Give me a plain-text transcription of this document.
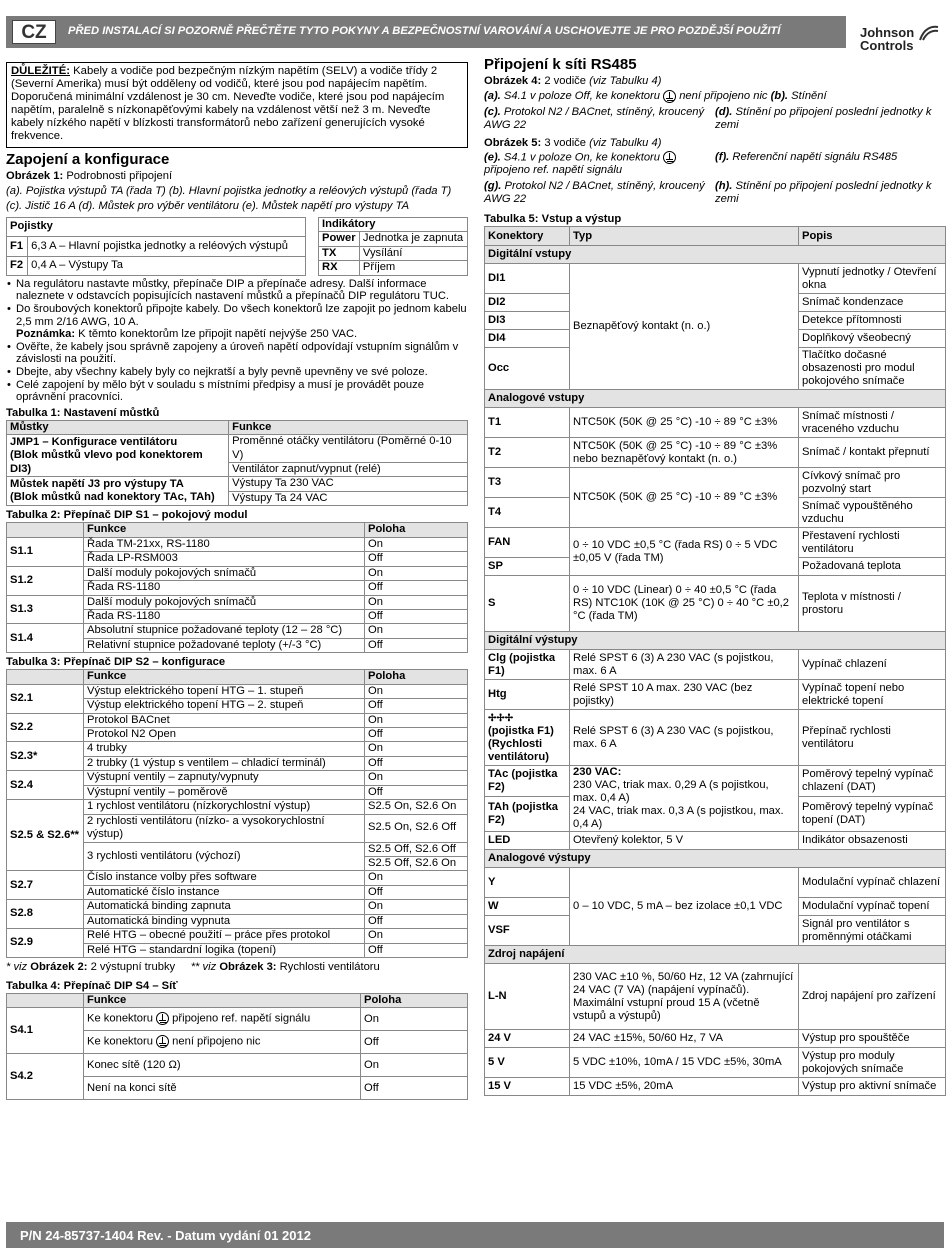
CZ	PŘED INSTALACÍ SI POZORNĚ PŘEČTĚTE TYTO POKYNY A BEZPEČNOSTNÍ VAROVÁNÍ A USCHOVEJTE JE PRO POZDĚJŠÍ POUŽITÍ	Johnson
Controls
DŮLEŽITÉ: Kabely a vodiče pod bezpečným nízkým napětím (SELV) a vodiče třídy 2 (Severní Amerika) musí být odděleny od vodičů, které jsou pod napájecím napětím. Doporučená minimální vzdálenost je 30 cm. Neveďte vodiče, které jsou pod napájecím napětím, paralelně s nízkonapěťovými kabely na vzdálenost větší než 3 m. Neveďte kabely nízkého napětí v blízkosti transformátorů nebo zařízení generujících vysoké frekvence.
Zapojení a konfigurace
Obrázek 1: Podrobnosti připojení
(a). Pojistka výstupů TA (řada T) (b). Hlavní pojistka jednotky a reléových výstupů (řada T)
(c). Jistič 16 A (d). Můstek pro výběr ventilátoru (e). Můstek napětí pro výstupy TA
Pojistky	
F1	6,3 A – Hlavní pojistka jednotky a reléových výstupů
F2	0,4 A – Výstupy Ta
Indikátory	
Power	Jednotka je zapnuta
TX	Vysílání
RX	Příjem
• Na regulátoru nastavte můstky, přepínače DIP a přepínače adresy. Další informace naleznete v odstavcích popisujících nastavení můstků a přepínačů DIP regulátoru TUC.
• Do šroubových konektorů připojte kabely. Do všech konektorů lze zapojit po jednom kabelu 2,5 mm 2/16 AWG, 10 A.
Poznámka: K těmto konektorům lze připojit napětí nejvýše 250 VAC.
• Ověřte, že kabely jsou správně zapojeny a úroveň napětí odpovídají vstupním signálům v závislosti na použití.
• Dbejte, aby všechny kabely byly co nejkratší a byly pevně upevněny ve své poloze.
• Celé zapojení by mělo být v souladu s místními předpisy a musí je provádět pouze oprávnění pracovníci.
Tabulka 1: Nastavení můstků
Můstky	Funkce
JMP1 – Konfigurace ventilátoru
(Blok můstků vlevo pod konektorem DI3)	Proměnné otáčky ventilátoru (Poměrné 0-10 V)
	Ventilátor zapnut/vypnut (relé)
Můstek napětí J3 pro výstupy TA
(Blok můstků nad konektory TAc, TAh)	Výstupy Ta 230 VAC
	Výstupy Ta 24 VAC
Tabulka 2: Přepínač DIP S1 – pokojový modul
	Funkce	Poloha
S1.1	Řada TM-21xx, RS-1180	On
	Řada LP-RSM003	Off
S1.2	Další moduly pokojových snímačů	On
	Řada RS-1180	Off
S1.3	Další moduly pokojových snímačů	On
	Řada RS-1180	Off
S1.4	Absolutní stupnice požadované teploty (12 – 28 °C)	On
	Relativní stupnice požadované teploty (+/-3 °C)	Off
Tabulka 3: Přepínač DIP S2 – konfigurace
	Funkce	Poloha
S2.1	Výstup elektrického topení HTG – 1. stupeň	On
	Výstup elektrického topení HTG – 2. stupeň	Off
S2.2	Protokol BACnet	On
	Protokol N2 Open	Off
S2.3*	4 trubky	On
	2 trubky (1 výstup s ventilem – chladicí terminál)	Off
S2.4	Výstupní ventily – zapnuty/vypnuty	On
	Výstupní ventily – poměrově	Off
S2.5 & S2.6**	1 rychlost ventilátoru (nízkorychlostní výstup)	S2.5 On, S2.6 On
	2 rychlosti ventilátoru (nízko- a vysokorychlostní výstup)	S2.5 On, S2.6 Off
	3 rychlosti ventilátoru (výchozí)	S2.5 Off, S2.6 Off
		S2.5 Off, S2.6 On
S2.7	Číslo instance volby přes software	On
	Automatické číslo instance	Off
S2.8	Automatická binding zapnuta	On
	Automatická binding vypnuta	Off
S2.9	Relé HTG – obecné použití – práce přes protokol	On
	Relé HTG – standardní logika (topení)	Off
* viz Obrázek 2: 2 výstupní trubky ** viz Obrázek 3: Rychlosti ventilátoru
Tabulka 4: Přepínač DIP S4 – Síť
	Funkce	Poloha
S4.1	Ke konektoru připojeno ref. napětí signálu	On
	Ke konektoru není připojeno nic	Off
S4.2	Konec sítě (120 Ω)	On
	Není na konci sítě	Off
Připojení k síti RS485
Obrázek 4: 2 vodiče (viz Tabulku 4)
(a). S4.1 v poloze Off, ke konektoru není připojeno nic (b). Stínění
(c). Protokol N2 / BACnet, stíněný, kroucený AWG 22
(d). Stínění po připojení poslední jednotky k zemi
Obrázek 5: 3 vodiče (viz Tabulku 4)
(e). S4.1 v poloze On, ke konektoru  připojeno ref. napětí signálu
(f). Referenční napětí signálu RS485
(g). Protokol N2 / BACnet, stíněný, kroucený AWG 22
(h). Stínění po připojení poslední jednotky k zemi
Tabulka 5: Vstup a výstup
Konektory	Typ	Popis
Digitální vstupy		
DI1	Beznapěťový kontakt (n. o.)	Vypnutí jednotky / Otevření okna
DI2		Snímač kondenzace
DI3		Detekce přítomnosti
DI4		Doplňkový všeobecný
Occ		Tlačítko dočasné obsazenosti pro modul pokojového snímače
Analogové vstupy		
T1	NTC50K (50K @ 25 °C) -10 ÷ 89 °C ±3%	Snímač místnosti / vraceného vzduchu
T2	NTC50K (50K @ 25 °C) -10 ÷ 89 °C ±3% nebo beznapěťový kontakt (n. o.)	Snímač / kontakt přepnutí
T3	NTC50K (50K @ 25 °C) -10 ÷ 89 °C ±3%	Cívkový snímač pro pozvolný start
T4		Snímač vypouštěného vzduchu
FAN	0 ÷ 10 VDC ±0,5 °C (řada RS) 0 ÷ 5 VDC ±0,05 V (řada TM)	Přestavení rychlosti ventilátoru
SP		Požadovaná teplota
S	0 ÷ 10 VDC (Linear) 0 ÷ 40 ±0,5 °C (řada RS) NTC10K (10K @ 25 °C) 0 ÷ 40 °C ±0,2 °C (řada TM)	Teplota v místnosti / prostoru
Digitální výstupy		
Clg (pojistka F1)	Relé SPST 6 (3) A 230 VAC (s pojistkou, max. 6 A	Vypínač chlazení
Htg	Relé SPST 10 A max. 230 VAC (bez pojistky)	Vypínač topení nebo elektrické topení
✢✢✢
(pojistka F1) (Rychlosti ventilátoru)	Relé SPST 6 (3) A 230 VAC (s pojistkou, max. 6 A	Přepínač rychlosti ventilátoru
TAc (pojistka F2)	230 VAC:
230 VAC, triak max. 0,29 A (s pojistkou, max. 0,4 A)
24 VAC, triak max. 0,3 A (s pojistkou, max. 0,4 A)	Poměrový tepelný vypínač chlazení (DAT)
TAh (pojistka F2)		Poměrový tepelný vypínač topení (DAT)
LED	Otevřený kolektor, 5 V	Indikátor obsazenosti
Analogové výstupy		
Y	0 – 10 VDC, 5 mA – bez izolace ±0,1 VDC	Modulační vypínač chlazení
W		Modulační vypínač topení
VSF		Signál pro ventilátor s proměnnými otáčkami
Zdroj napájení		
L-N	230 VAC ±10 %, 50/60 Hz, 12 VA (zahrnující 24 VAC (7 VA) (napájení vypínačů). Maximální vstupní proud 15 A (včetně vstupů a výstupů)	Zdroj napájení pro zařízení
24 V	24 VAC ±15%, 50/60 Hz, 7 VA	Výstup pro spouštěče
5 V	5 VDC ±10%, 10mA / 15 VDC ±5%, 30mA	Výstup pro moduly pokojových snímače
15 V	15 VDC ±5%, 20mA	Výstup pro aktivní snímače
P/N 24-85737-1404 Rev. - Datum vydání 01 2012
